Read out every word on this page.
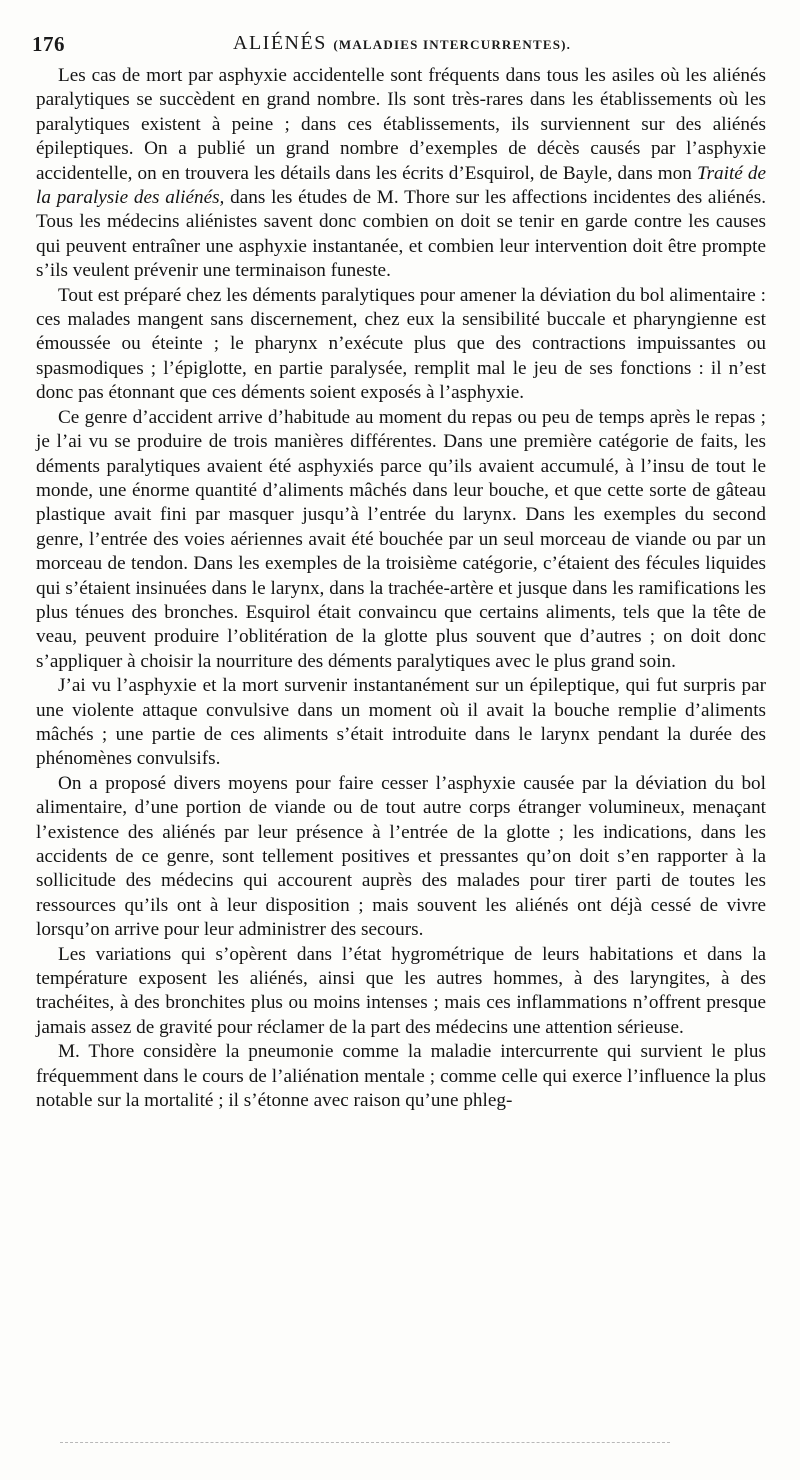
176	ALIÉNÉS (MALADIES INTERCURRENTES).

Les cas de mort par asphyxie accidentelle sont fréquents dans tous les asiles où les aliénés paralytiques se succèdent en grand nombre. Ils sont très-rares dans les établissements où les paralytiques existent à peine ; dans ces établissements, ils surviennent sur des aliénés épileptiques. On a publié un grand nombre d’exemples de décès causés par l’asphyxie accidentelle, on en trouvera les détails dans les écrits d’Esquirol, de Bayle, dans mon Traité de la paralysie des aliénés, dans les études de M. Thore sur les affections incidentes des aliénés. Tous les médecins aliénistes savent donc combien on doit se tenir en garde contre les causes qui peuvent entraîner une asphyxie instantanée, et combien leur intervention doit être prompte s’ils veulent prévenir une terminaison funeste.

Tout est préparé chez les déments paralytiques pour amener la déviation du bol alimentaire : ces malades mangent sans discernement, chez eux la sensibilité buccale et pharyngienne est émoussée ou éteinte ; le pharynx n’exécute plus que des contractions impuissantes ou spasmodiques ; l’épiglotte, en partie paralysée, remplit mal le jeu de ses fonctions : il n’est donc pas étonnant que ces déments soient exposés à l’asphyxie.

Ce genre d’accident arrive d’habitude au moment du repas ou peu de temps après le repas ; je l’ai vu se produire de trois manières différentes. Dans une première catégorie de faits, les déments paralytiques avaient été asphyxiés parce qu’ils avaient accumulé, à l’insu de tout le monde, une énorme quantité d’aliments mâchés dans leur bouche, et que cette sorte de gâteau plastique avait fini par masquer jusqu’à l’entrée du larynx. Dans les exemples du second genre, l’entrée des voies aériennes avait été bouchée par un seul morceau de viande ou par un morceau de tendon. Dans les exemples de la troisième catégorie, c’étaient des fécules liquides qui s’étaient insinuées dans le larynx, dans la trachée-artère et jusque dans les ramifications les plus ténues des bronches. Esquirol était convaincu que certains aliments, tels que la tête de veau, peuvent produire l’oblitération de la glotte plus souvent que d’autres ; on doit donc s’appliquer à choisir la nourriture des déments paralytiques avec le plus grand soin.

J’ai vu l’asphyxie et la mort survenir instantanément sur un épileptique, qui fut surpris par une violente attaque convulsive dans un moment où il avait la bouche remplie d’aliments mâchés ; une partie de ces aliments s’était introduite dans le larynx pendant la durée des phénomènes convulsifs.

On a proposé divers moyens pour faire cesser l’asphyxie causée par la déviation du bol alimentaire, d’une portion de viande ou de tout autre corps étranger volumineux, menaçant l’existence des aliénés par leur présence à l’entrée de la glotte ; les indications, dans les accidents de ce genre, sont tellement positives et pressantes qu’on doit s’en rapporter à la sollicitude des médecins qui accourent auprès des malades pour tirer parti de toutes les ressources qu’ils ont à leur disposition ; mais souvent les aliénés ont déjà cessé de vivre lorsqu’on arrive pour leur administrer des secours.

Les variations qui s’opèrent dans l’état hygrométrique de leurs habitations et dans la température exposent les aliénés, ainsi que les autres hommes, à des laryngites, à des trachéites, à des bronchites plus ou moins intenses ; mais ces inflammations n’offrent presque jamais assez de gravité pour réclamer de la part des médecins une attention sérieuse.

M. Thore considère la pneumonie comme la maladie intercurrente qui survient le plus fréquemment dans le cours de l’aliénation mentale ; comme celle qui exerce l’influence la plus notable sur la mortalité ; il s’étonne avec raison qu’une phleg-
